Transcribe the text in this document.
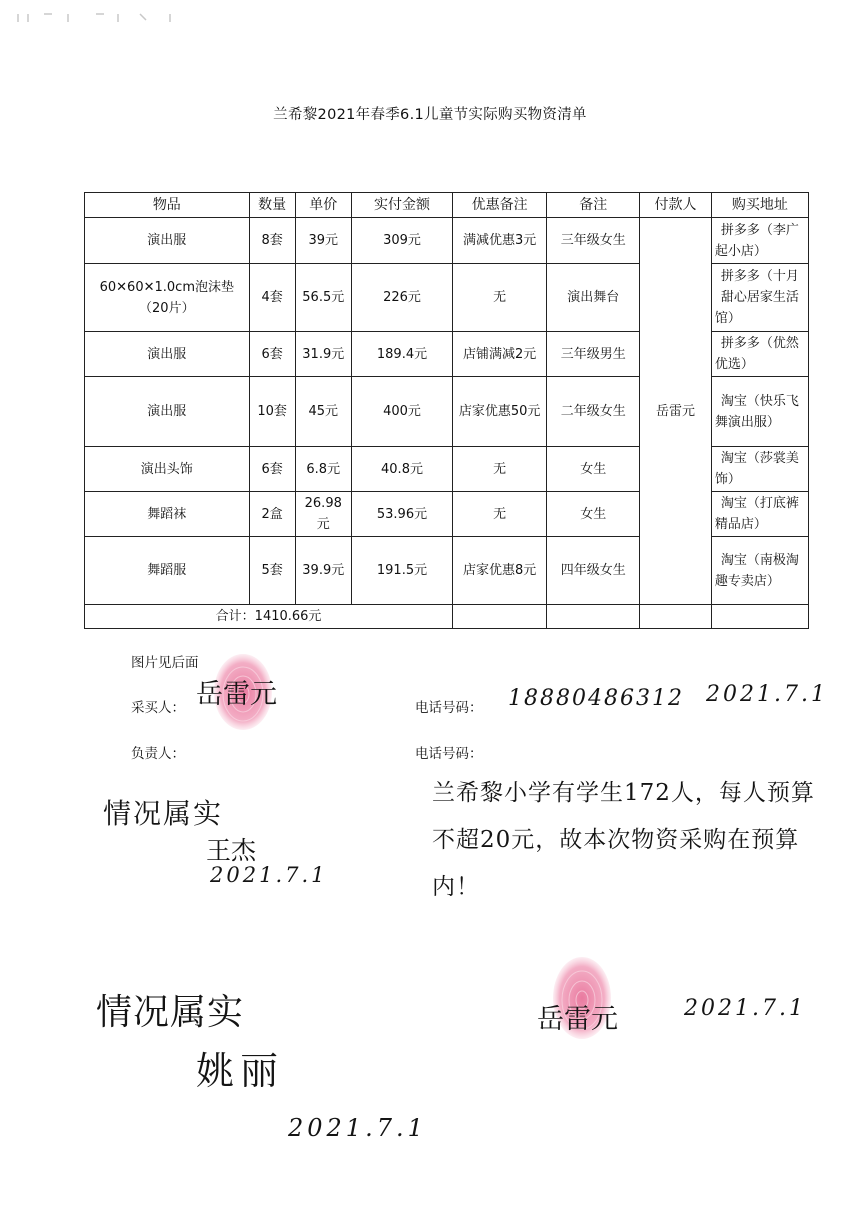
兰希黎2021年春季6.1儿童节实际购买物资清单
物品	数量	单价	实付金额	优惠备注	备注	付款人	购买地址
演出服	8套	39元	309元	满减优惠3元	三年级女生	岳雷元	拼多多（李广起小店）
60✕60✕1.0cm泡沫垫（20片）	4套	56.5元	226元	无	演出舞台		拼多多（十月甜心居家生活馆）
演出服	6套	31.9元	189.4元	店铺满减2元	三年级男生		拼多多（优然优选）
演出服	10套	45元	400元	店家优惠50元	二年级女生		淘宝（快乐飞舞演出服）
演出头饰	6套	6.8元	40.8元	无	女生		淘宝（莎裳美饰）
舞蹈袜	2盒	26.98元	53.96元	无	女生		淘宝（打底裤精品店）
舞蹈服	5套	39.9元	191.5元	店家优惠8元	四年级女生		淘宝（南极淘趣专卖店）
合计：1410.66元							
图片见后面
采买人：	电话号码：
负责人：	电话号码：
岳雷元	18880486312 2021.7.1
情况属实
王杰
2021.7.1
兰希黎小学有学生172人，每人预算不超20元，故本次物资采购在预算内！
岳雷元	2021.7.1
情况属实
姚丽
2021.7.1
